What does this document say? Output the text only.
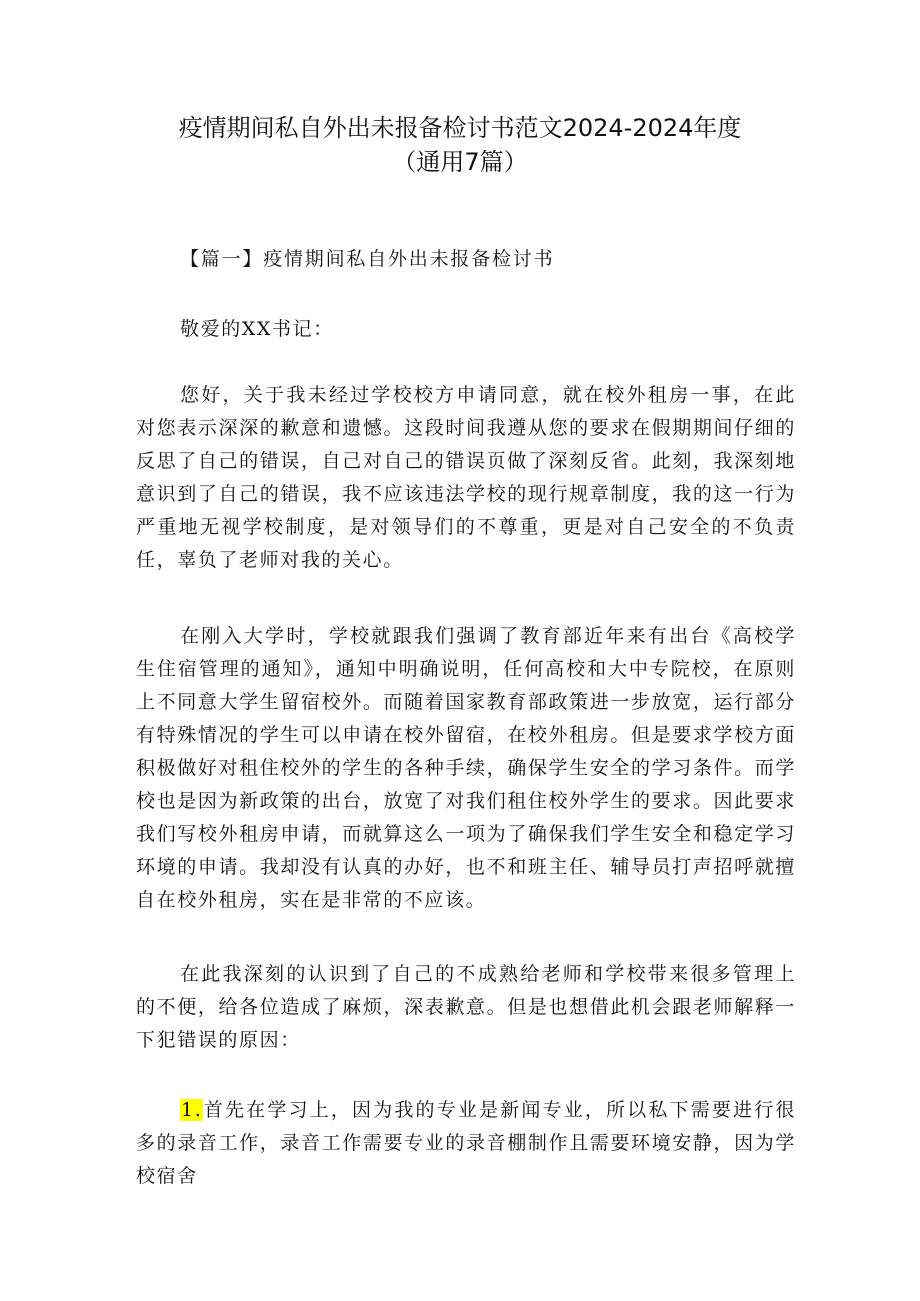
疫情期间私自外出未报备检讨书范文2024-2024年度
（通用7篇）

【篇一】疫情期间私自外出未报备检讨书

敬爱的XX书记：

您好，关于我未经过学校校方申请同意，就在校外租房一事，在此对您表示深深的歉意和遗憾。这段时间我遵从您的要求在假期期间仔细的反思了自己的错误，自己对自己的错误页做了深刻反省。此刻，我深刻地意识到了自己的错误，我不应该违法学校的现行规章制度，我的这一行为严重地无视学校制度，是对领导们的不尊重，更是对自己安全的不负责任，辜负了老师对我的关心。

在刚入大学时，学校就跟我们强调了教育部近年来有出台《高校学生住宿管理的通知》，通知中明确说明，任何高校和大中专院校，在原则上不同意大学生留宿校外。而随着国家教育部政策进一步放宽，运行部分有特殊情况的学生可以申请在校外留宿，在校外租房。但是要求学校方面积极做好对租住校外的学生的各种手续，确保学生安全的学习条件。而学校也是因为新政策的出台，放宽了对我们租住校外学生的要求。因此要求我们写校外租房申请，而就算这么一项为了确保我们学生安全和稳定学习环境的申请。我却没有认真的办好，也不和班主任、辅导员打声招呼就擅自在校外租房，实在是非常的不应该。

在此我深刻的认识到了自己的不成熟给老师和学校带来很多管理上的不便，给各位造成了麻烦，深表歉意。但是也想借此机会跟老师解释一下犯错误的原因：

1.首先在学习上，因为我的专业是新闻专业，所以私下需要进行很多的录音工作，录音工作需要专业的录音棚制作且需要环境安静，因为学校宿舍
